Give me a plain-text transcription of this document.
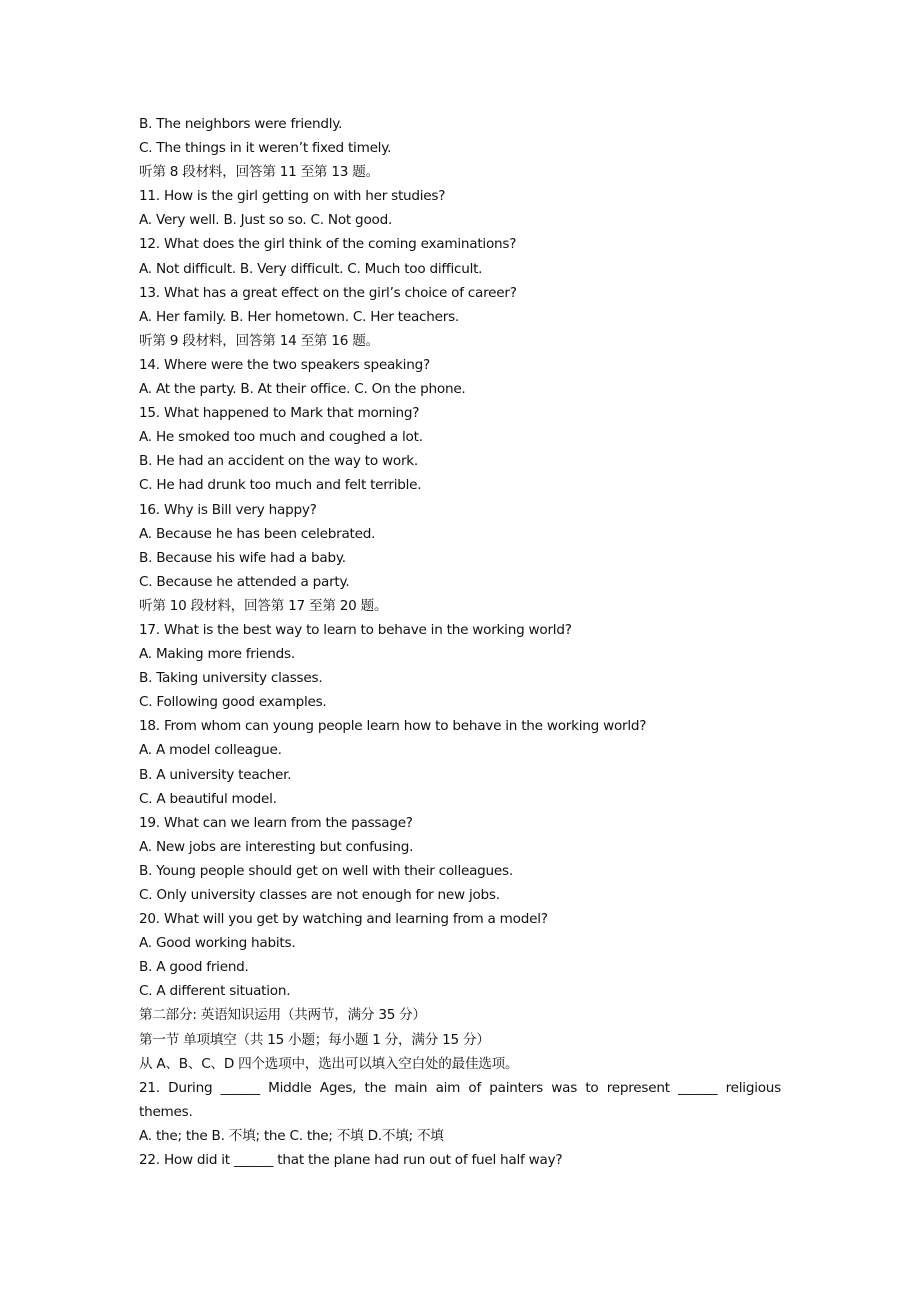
B. The neighbors were friendly.
C. The things in it weren’t fixed timely.
听第 8 段材料，回答第 11 至第 13 题。
11. How is the girl getting on with her studies?
A. Very well. B. Just so so. C. Not good.
12. What does the girl think of the coming examinations?
A. Not difficult. B. Very difficult. C. Much too difficult.
13. What has a great effect on the girl’s choice of career?
A. Her family. B. Her hometown. C. Her teachers.
听第 9 段材料，回答第 14 至第 16 题。
14. Where were the two speakers speaking?
A. At the party. B. At their office. C. On the phone.
15. What happened to Mark that morning?
A. He smoked too much and coughed a lot.
B. He had an accident on the way to work.
C. He had drunk too much and felt terrible.
16. Why is Bill very happy?
A. Because he has been celebrated.
B. Because his wife had a baby.
C. Because he attended a party.
听第 10 段材料，回答第 17 至第 20 题。
17. What is the best way to learn to behave in the working world?
A. Making more friends.
B. Taking university classes.
C. Following good examples.
18. From whom can young people learn how to behave in the working world?
A. A model colleague.
B. A university teacher.
C. A beautiful model.
19. What can we learn from the passage?
A. New jobs are interesting but confusing.
B. Young people should get on well with their colleagues.
C. Only university classes are not enough for new jobs.
20. What will you get by watching and learning from a model?
A. Good working habits.
B. A good friend.
C. A different situation.
第二部分: 英语知识运用（共两节，满分 35 分）
第一节 单项填空（共 15 小题；每小题 1 分，满分 15 分）
从 A、B、C、D 四个选项中，选出可以填入空白处的最佳选项。
21. During ______ Middle Ages, the main aim of painters was to represent ______ religious
themes.
A. the; the B. 不填; the C. the; 不填 D.不填; 不填
22. How did it ______ that the plane had run out of fuel half way?
